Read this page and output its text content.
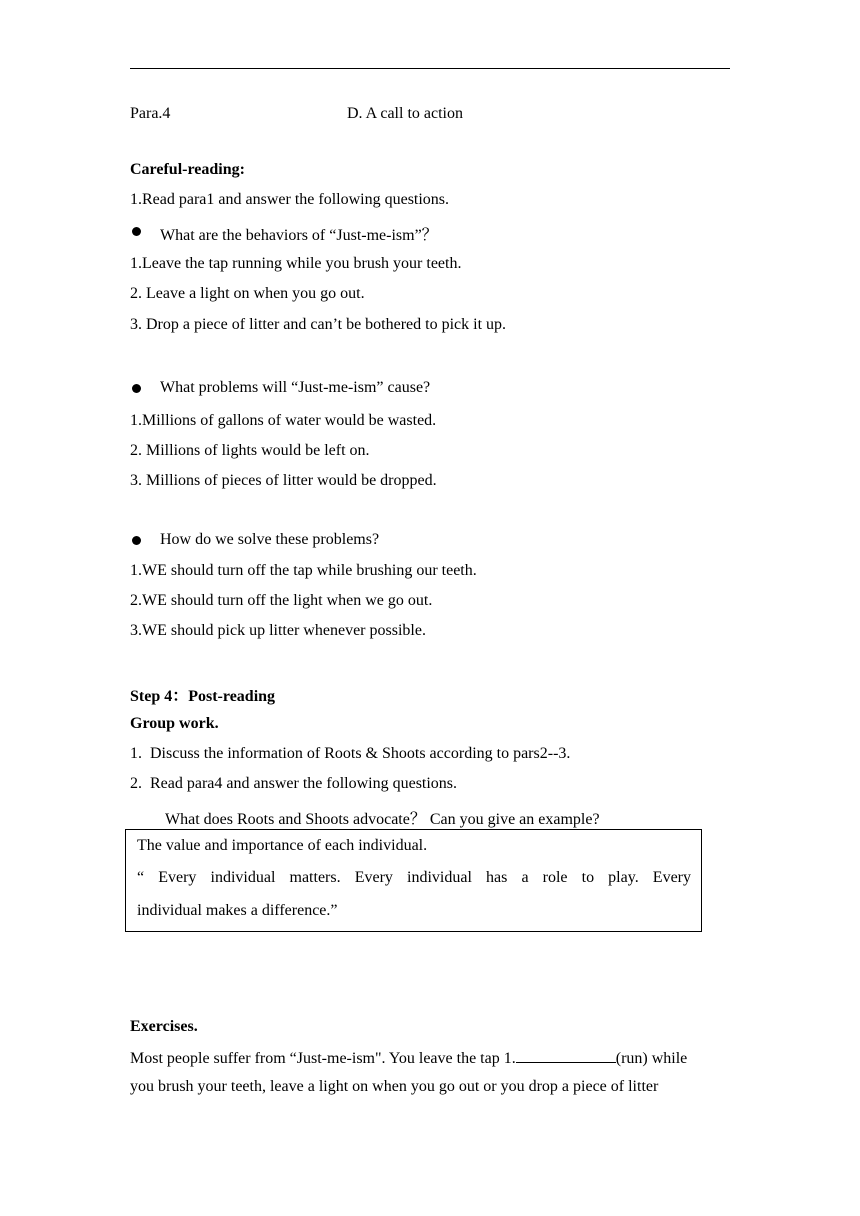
Para.4	D. A call to action
Careful-reading:
1.Read para1 and answer the following questions.
What are the behaviors of “Just-me-ism”？
1.Leave the tap running while you brush your teeth.
2. Leave a light on when you go out.
3. Drop a piece of litter and can’t be bothered to pick it up.
What problems will “Just-me-ism” cause?
1.Millions of gallons of water would be wasted.
2. Millions of lights would be left on.
3. Millions of pieces of litter would be dropped.
How do we solve these problems?
1.WE should turn off the tap while brushing our teeth.
2.WE should turn off the light when we go out.
3.WE should pick up litter whenever possible.
Step 4：Post-reading
Group work.
1.  Discuss the information of Roots & Shoots according to pars2--3.
2.  Read para4 and answer the following questions.
What does Roots and Shoots advocate？ Can you give an example?
The value and importance of each individual.
“ Every individual matters. Every individual has a role to play. Every
individual makes a difference.”
Exercises.
Most people suffer from “Just-me-ism". You leave the tap 1.	(run) while
you brush your teeth, leave a light on when you go out or you drop a piece of litter
